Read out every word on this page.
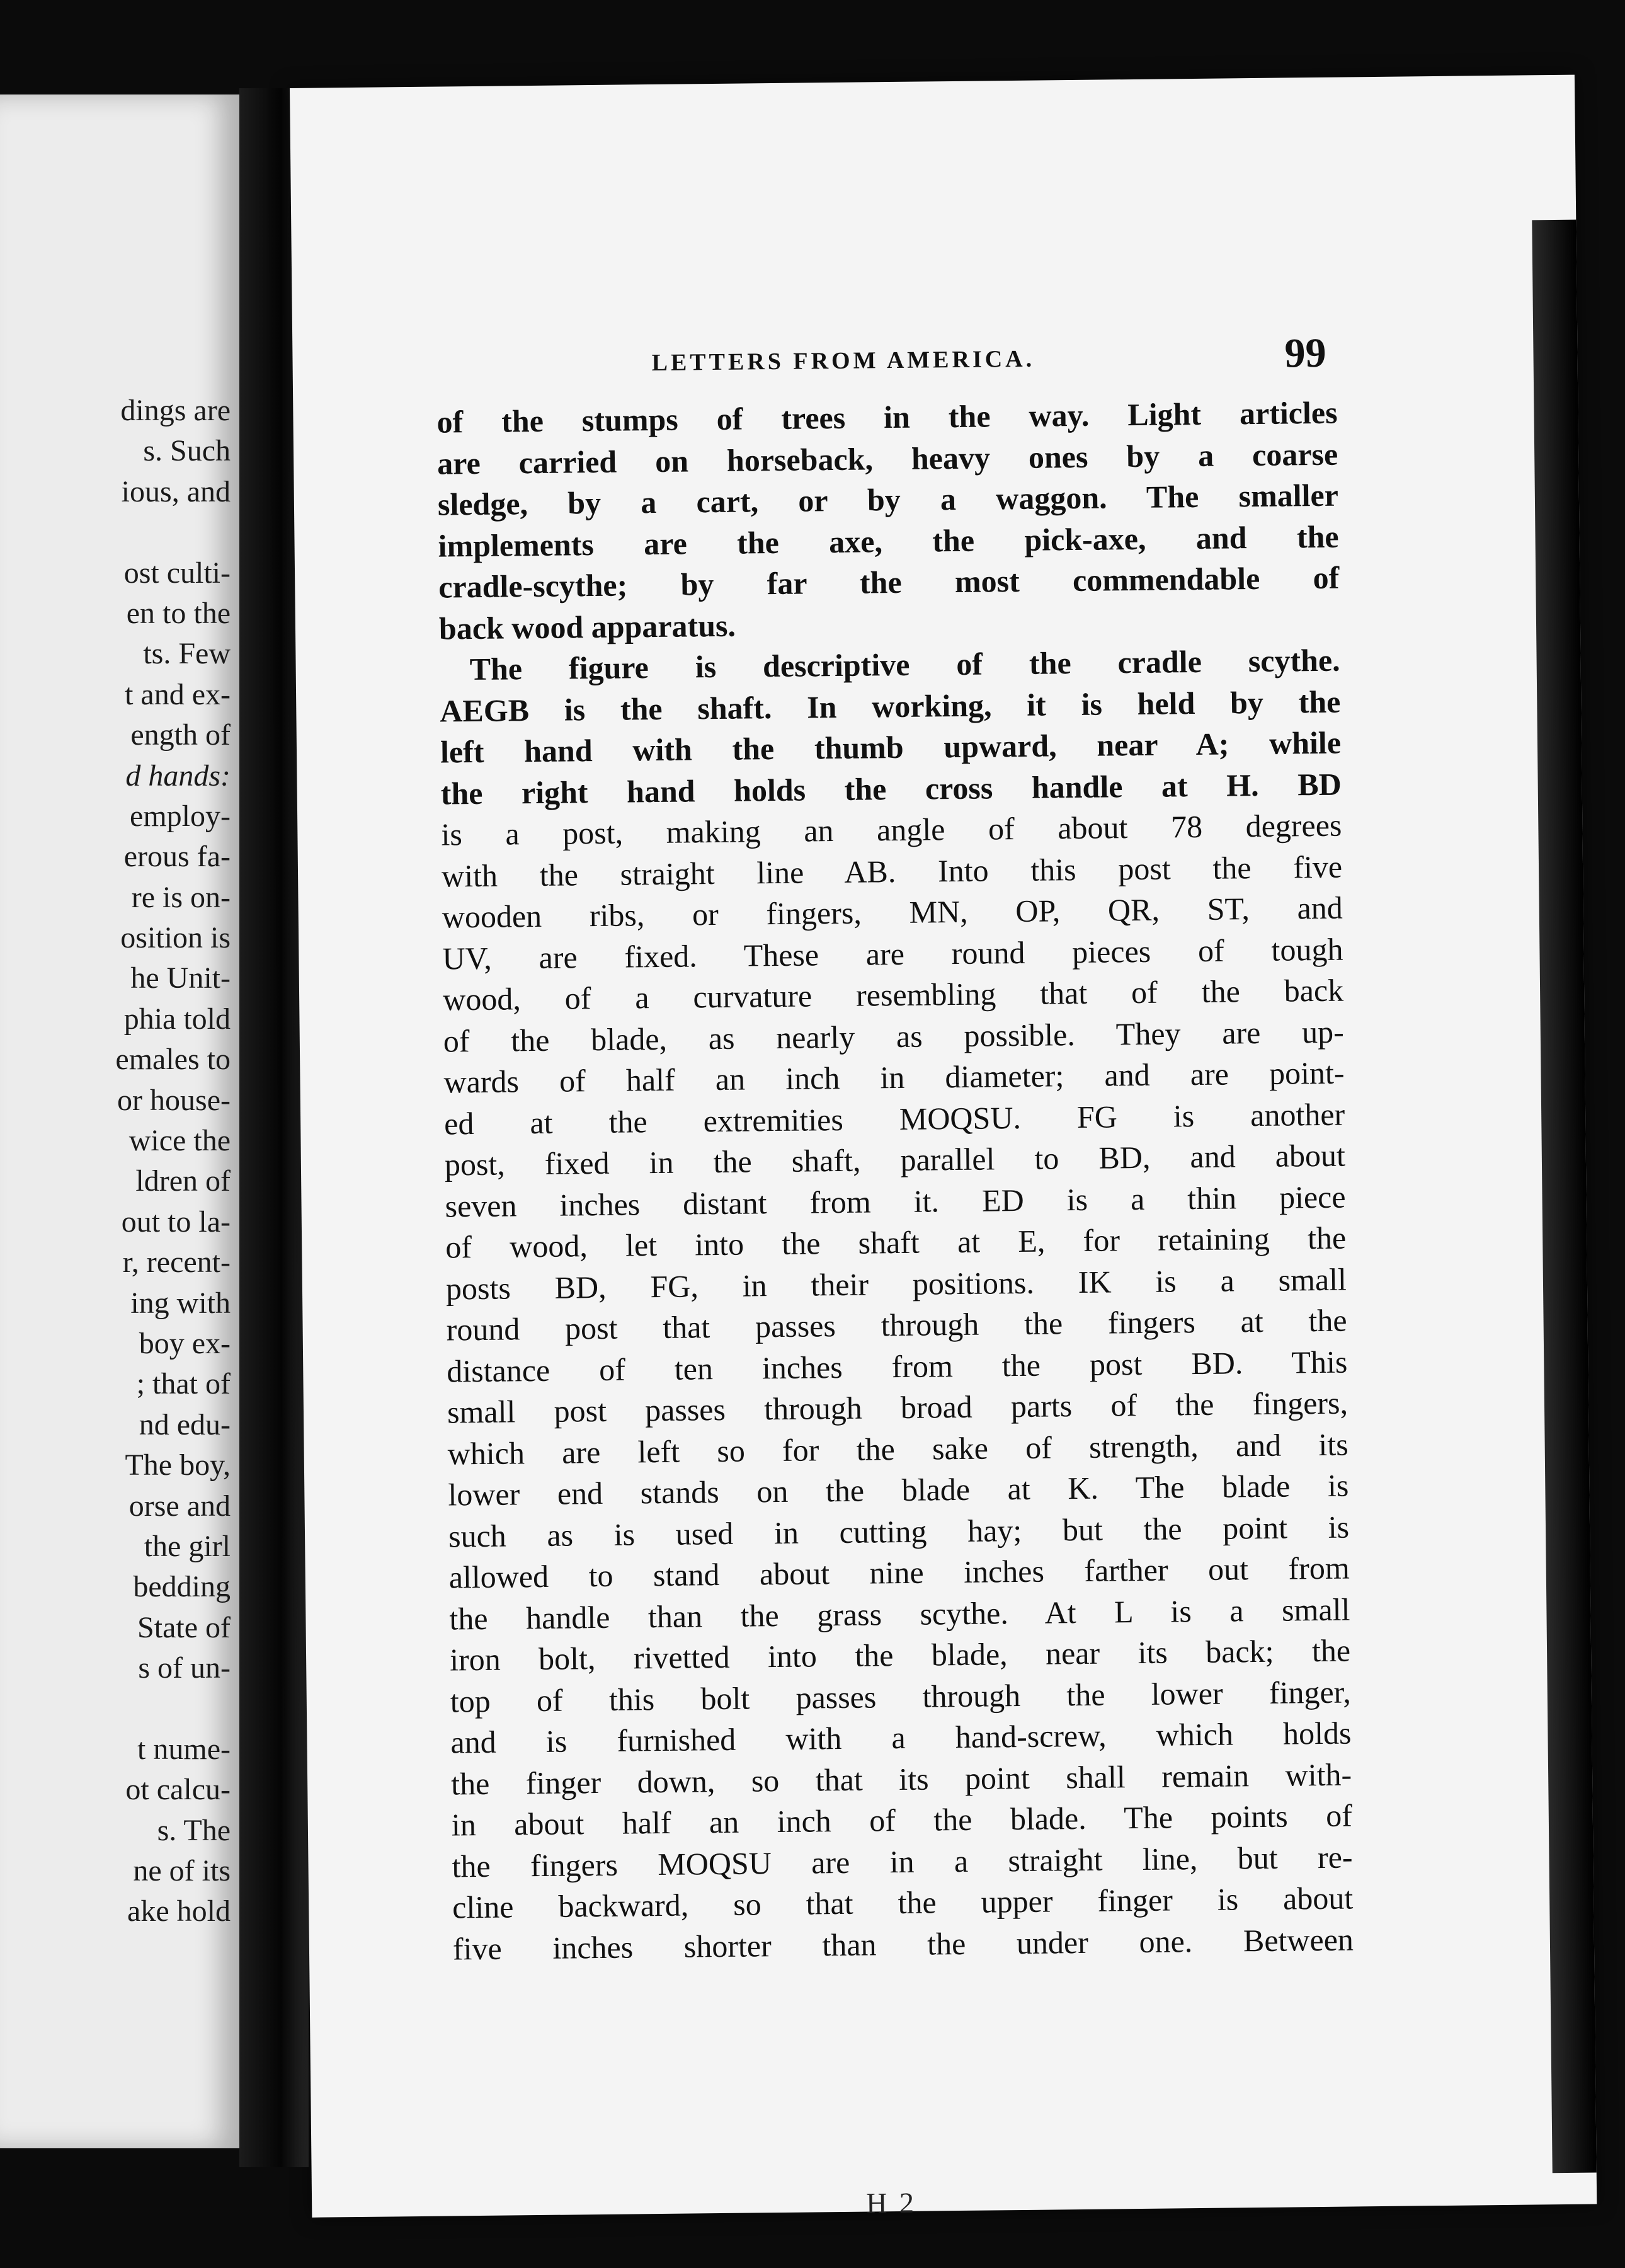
dings are
s. Such
ious, and
ost culti-
en to the
ts. Few
t and ex-
ength of
d hands:
employ-
erous fa-
re is on-
osition is
he Unit-
phia told
emales to
or house-
wice the
ldren of
out to la-
r, recent-
ing with
boy ex-
; that of
nd edu-
The boy,
orse and
the girl
bedding
State of
s of un-
t nume-
ot calcu-
s. The
ne of its
ake hold
LETTERS FROM AMERICA.	99
of the stumps of trees in the way. Light articles
are carried on horseback, heavy ones by a coarse
sledge, by a cart, or by a waggon. The smaller
implements are the axe, the pick-axe, and the
cradle-scythe; by far the most commendable of
back wood apparatus.
The figure is descriptive of the cradle scythe.
AEGB is the shaft. In working, it is held by the
left hand with the thumb upward, near A; while
the right hand holds the cross handle at H. BD
is a post, making an angle of about 78 degrees
with the straight line AB. Into this post the five
wooden ribs, or fingers, MN, OP, QR, ST, and
UV, are fixed. These are round pieces of tough
wood, of a curvature resembling that of the back
of the blade, as nearly as possible. They are up-
wards of half an inch in diameter; and are point-
ed at the extremities MOQSU. FG is another
post, fixed in the shaft, parallel to BD, and about
seven inches distant from it. ED is a thin piece
of wood, let into the shaft at E, for retaining the
posts BD, FG, in their positions. IK is a small
round post that passes through the fingers at the
distance of ten inches from the post BD. This
small post passes through broad parts of the fingers,
which are left so for the sake of strength, and its
lower end stands on the blade at K. The blade is
such as is used in cutting hay; but the point is
allowed to stand about nine inches farther out from
the handle than the grass scythe. At L is a small
iron bolt, rivetted into the blade, near its back; the
top of this bolt passes through the lower finger,
and is furnished with a hand-screw, which holds
the finger down, so that its point shall remain with-
in about half an inch of the blade. The points of
the fingers MOQSU are in a straight line, but re-
cline backward, so that the upper finger is about
five inches shorter than the under one. Between
H 2
